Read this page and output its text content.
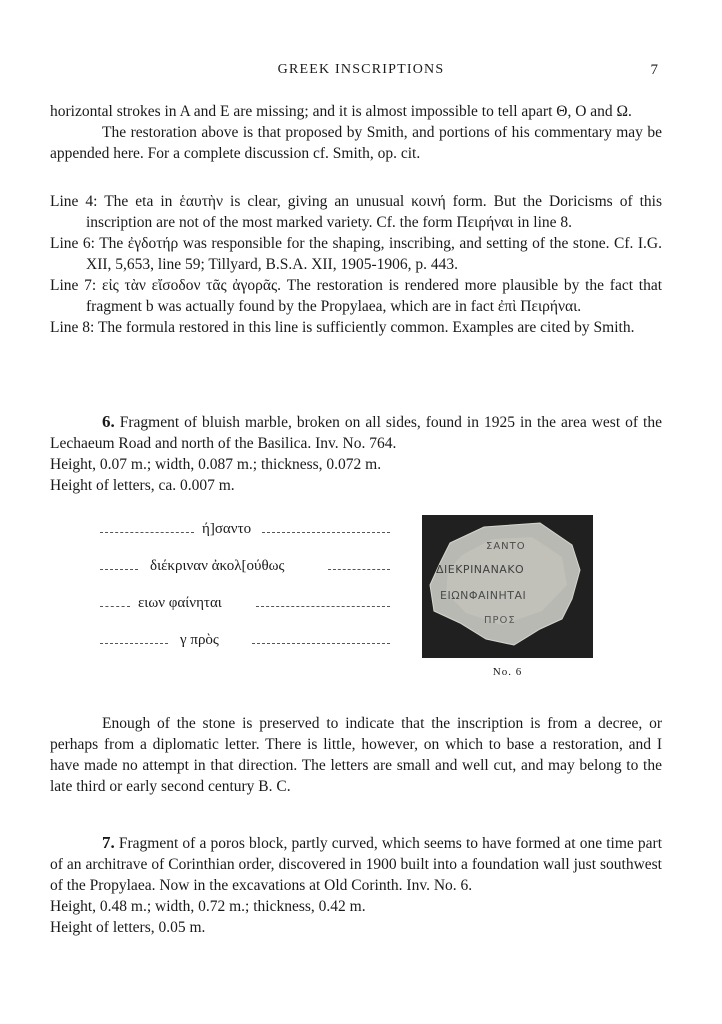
GREEK INSCRIPTIONS	7

horizontal strokes in A and E are missing; and it is almost impossible to tell apart Θ, O and Ω.

The restoration above is that proposed by Smith, and portions of his commentary may be appended here. For a complete discussion cf. Smith, op. cit.

Line 4: The eta in ἑαυτὴν is clear, giving an unusual κοινή form. But the Doricisms of this inscription are not of the most marked variety. Cf. the form Πειρήναι in line 8.

Line 6: The ἐγδοτήρ was responsible for the shaping, inscribing, and setting of the stone. Cf. I.G. XII, 5,653, line 59; Tillyard, B.S.A. XII, 1905-1906, p. 443.

Line 7: εἰς τὰν εἴσοδον τᾶς ἀγορᾶς. The restoration is rendered more plausible by the fact that fragment b was actually found by the Propylaea, which are in fact ἐπὶ Πειρήναι.

Line 8: The formula restored in this line is sufficiently common. Examples are cited by Smith.

6. Fragment of bluish marble, broken on all sides, found in 1925 in the area west of the Lechaeum Road and north of the Basilica. Inv. No. 764.

Height, 0.07 m.; width, 0.087 m.; thickness, 0.072 m.

Height of letters, ca. 0.007 m.

ή]σαντο
διέκριναν ἀκολ[ούθως
ειων φαίνηται
γ πρὸς
ΣΑΝΤΟ
ΔΙΕΚΡΙΝΑΝΑΚΟ
ΕΙΩΝΦΑΙΝΗΤΑΙ
ΠΡΟΣ
No. 6

Enough of the stone is preserved to indicate that the inscription is from a decree, or perhaps from a diplomatic letter. There is little, however, on which to base a restoration, and I have made no attempt in that direction. The letters are small and well cut, and may belong to the late third or early second century B. C.

7. Fragment of a poros block, partly curved, which seems to have formed at one time part of an architrave of Corinthian order, discovered in 1900 built into a foundation wall just southwest of the Propylaea. Now in the excavations at Old Corinth. Inv. No. 6.

Height, 0.48 m.; width, 0.72 m.; thickness, 0.42 m.

Height of letters, 0.05 m.
